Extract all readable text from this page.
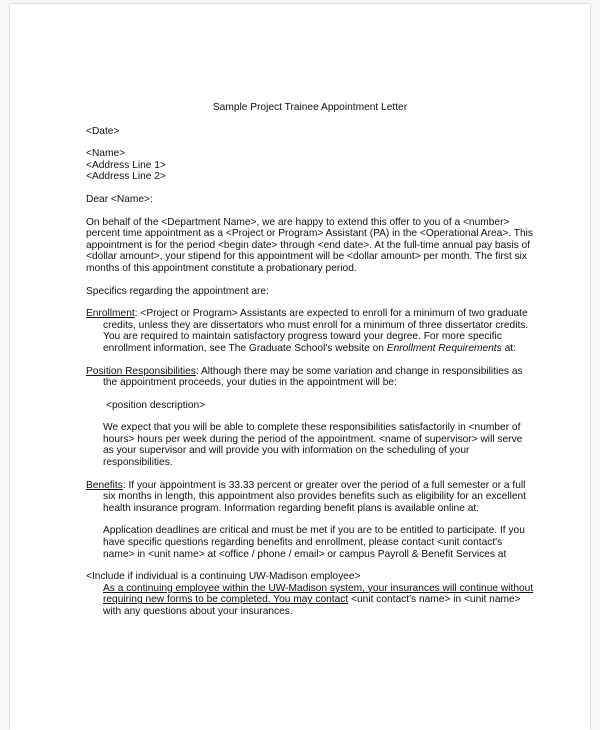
Sample Project Trainee Appointment Letter

<Date>

<Name>

<Address Line 1>

<Address Line 2>

Dear <Name>:

On behalf of the <Department Name>, we are happy to extend this offer to you of a <number> percent time appointment as a <Project or Program> Assistant (PA) in the <Operational Area>. This appointment is for the period <begin date> through <end date>. At the full-time annual pay basis of <dollar amount>, your stipend for this appointment will be <dollar amount> per month. The first six months of this appointment constitute a probationary period.

Specifics regarding the appointment are:

Enrollment: <Project or Program> Assistants are expected to enroll for a minimum of two graduate credits, unless they are dissertators who must enroll for a minimum of three dissertator credits. You are required to maintain satisfactory progress toward your degree. For more specific enrollment information, see The Graduate School's website on Enrollment Requirements at:

Position Responsibilities: Although there may be some variation and change in responsibilities as the appointment proceeds, your duties in the appointment will be:

<position description>

We expect that you will be able to complete these responsibilities satisfactorily in <number of hours> hours per week during the period of the appointment. <name of supervisor> will serve as your supervisor and will provide you with information on the scheduling of your responsibilities.

Benefits: If your appointment is 33.33 percent or greater over the period of a full semester or a full six months in length, this appointment also provides benefits such as eligibility for an excellent health insurance program. Information regarding benefit plans is available online at:

Application deadlines are critical and must be met if you are to be entitled to participate. If you have specific questions regarding benefits and enrollment, please contact <unit contact's name> in <unit name> at <office / phone / email> or campus Payroll & Benefit Services at

<Include if individual is a continuing UW-Madison employee>

As a continuing employee within the UW-Madison system, your insurances will continue without requiring new forms to be completed. You may contact <unit contact's name> in <unit name> with any questions about your insurances.
